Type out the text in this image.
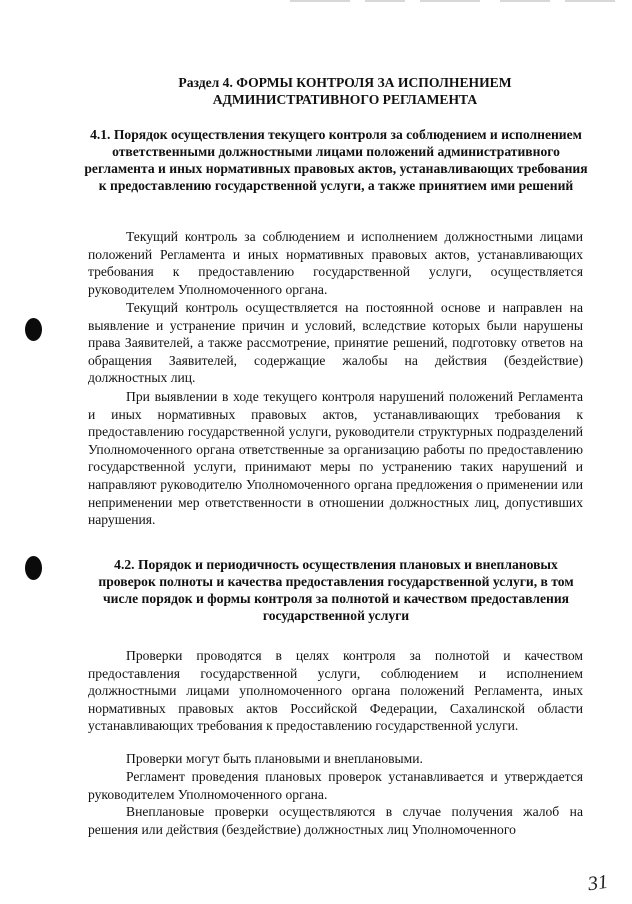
Раздел 4. ФОРМЫ КОНТРОЛЯ ЗА ИСПОЛНЕНИЕМ АДМИНИСТРАТИВНОГО РЕГЛАМЕНТА
4.1. Порядок осуществления текущего контроля за соблюдением и исполнением ответственными должностными лицами положений административного регламента и иных нормативных правовых актов, устанавливающих требования к предоставлению государственной услуги, а также принятием ими решений

Текущий контроль за соблюдением и исполнением должностными лицами положений Регламента и иных нормативных правовых актов, устанавливающих требования к предоставлению государственной услуги, осуществляется руководителем Уполномоченного органа.

Текущий контроль осуществляется на постоянной основе и направлен на выявление и устранение причин и условий, вследствие которых были нарушены права Заявителей, а также рассмотрение, принятие решений, подготовку ответов на обращения Заявителей, содержащие жалобы на действия (бездействие) должностных лиц.

При выявлении в ходе текущего контроля нарушений положений Регламента и иных нормативных правовых актов, устанавливающих требования к предоставлению государственной услуги, руководители структурных подразделений Уполномоченного органа ответственные за организацию работы по предоставлению государственной услуги, принимают меры по устранению таких нарушений и направляют руководителю Уполномоченного органа предложения о применении или неприменении мер ответственности в отношении должностных лиц, допустивших нарушения.

4.2. Порядок и периодичность осуществления плановых и внеплановых проверок полноты и качества предоставления государственной услуги, в том числе порядок и формы контроля за полнотой и качеством предоставления государственной услуги

Проверки проводятся в целях контроля за полнотой и качеством предоставления государственной услуги, соблюдением и исполнением должностными лицами уполномоченного органа положений Регламента, иных нормативных правовых актов Российской Федерации, Сахалинской области устанавливающих требования к предоставлению государственной услуги.

Проверки могут быть плановыми и внеплановыми.

Регламент проведения плановых проверок устанавливается и утверждается руководителем Уполномоченного органа.

Внеплановые проверки осуществляются в случае получения жалоб на решения или действия (бездействие) должностных лиц Уполномоченного

31
